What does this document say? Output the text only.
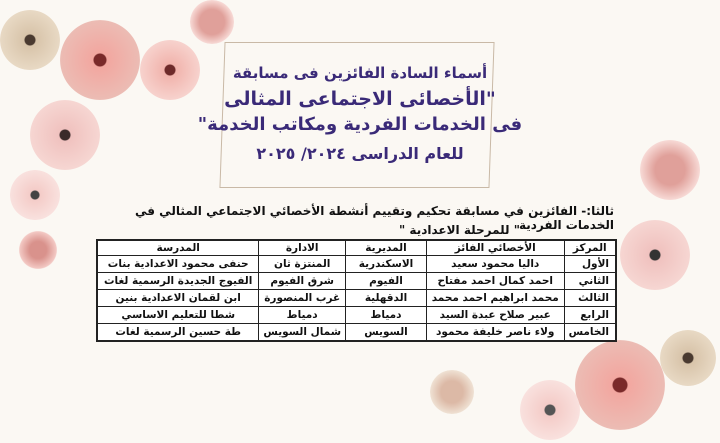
أسماء السادة الفائزين فى مسابقة
"الأخصائى الاجتماعى المثالى
فى الخدمات الفردية ومكاتب الخدمة"
للعام الدراسى ٢٠٢٤/ ٢٠٢٥
ثالثا:- الفائزين في مسابقة تحكيم وتقييم أنشطة الأخصائي الاجتماعي المثالي في الخدمات الفردية
" للمرحلة الاعدادية "
المركز	الأخصائي الفائز	المديرية	الادارة	المدرسة
الأول	داليا محمود سعيد	الاسكندرية	المنتزة ثان	حنفى محمود الاعدادية بنات
الثاني	احمد كمال احمد مفتاح	الفيوم	شرق الفيوم	الفيوج الجديدة الرسمية لغات
الثالث	محمد ابراهيم احمد محمد	الدقهلية	غرب المنصورة	ابن لقمان الاعدادية بنين
الرابع	عبير صلاح عبدة السيد	دمياط	دمياط	شطا للتعليم الاساسي
الخامس	ولاء ناصر خليفة محمود	السويس	شمال السويس	طة حسين الرسمية لغات
